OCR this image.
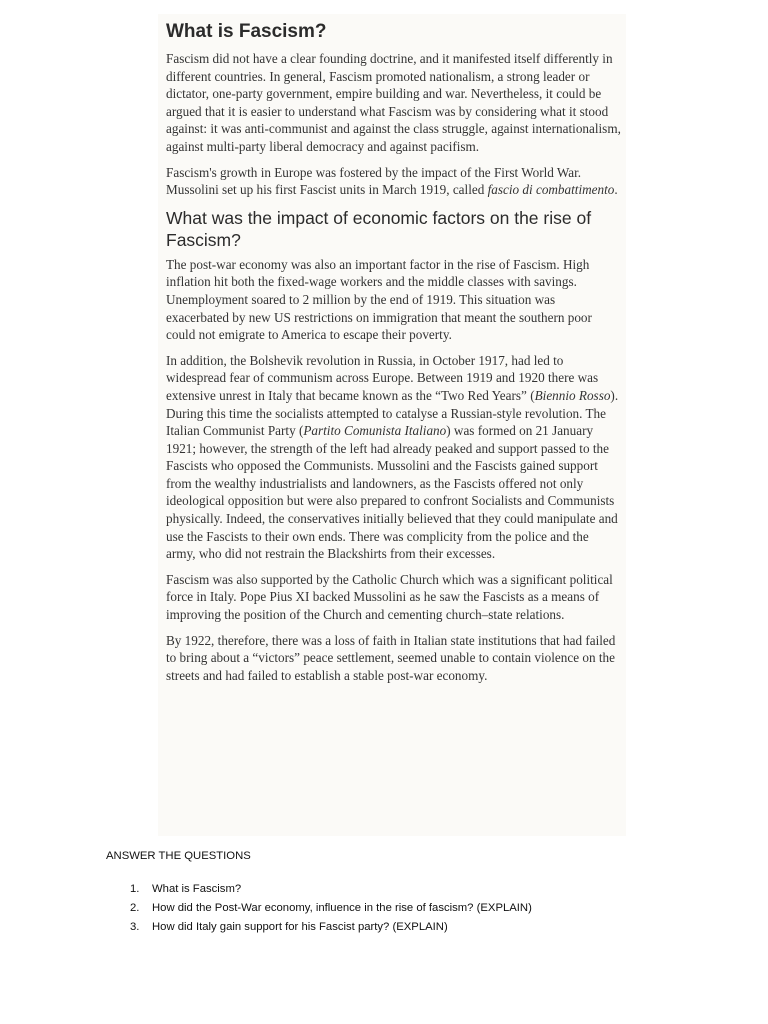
What is Fascism?

Fascism did not have a clear founding doctrine, and it manifested itself differently in different countries. In general, Fascism promoted nationalism, a strong leader or dictator, one-party government, empire building and war. Nevertheless, it could be argued that it is easier to understand what Fascism was by considering what it stood against: it was anti-communist and against the class struggle, against internationalism, against multi-party liberal democracy and against pacifism.

Fascism's growth in Europe was fostered by the impact of the First World War. Mussolini set up his first Fascist units in March 1919, called fascio di combattimento.

What was the impact of economic factors on the rise of Fascism?

The post-war economy was also an important factor in the rise of Fascism. High inflation hit both the fixed-wage workers and the middle classes with savings. Unemployment soared to 2 million by the end of 1919. This situation was exacerbated by new US restrictions on immigration that meant the southern poor could not emigrate to America to escape their poverty.

In addition, the Bolshevik revolution in Russia, in October 1917, had led to widespread fear of communism across Europe. Between 1919 and 1920 there was extensive unrest in Italy that became known as the “Two Red Years” (Biennio Rosso). During this time the socialists attempted to catalyse a Russian-style revolution. The Italian Communist Party (Partito Comunista Italiano) was formed on 21 January 1921; however, the strength of the left had already peaked and support passed to the Fascists who opposed the Communists. Mussolini and the Fascists gained support from the wealthy industrialists and landowners, as the Fascists offered not only ideological opposition but were also prepared to confront Socialists and Communists physically. Indeed, the conservatives initially believed that they could manipulate and use the Fascists to their own ends. There was complicity from the police and the army, who did not restrain the Blackshirts from their excesses.

Fascism was also supported by the Catholic Church which was a significant political force in Italy. Pope Pius XI backed Mussolini as he saw the Fascists as a means of improving the position of the Church and cementing church–state relations.

By 1922, therefore, there was a loss of faith in Italian state institutions that had failed to bring about a “victors” peace settlement, seemed unable to contain violence on the streets and had failed to establish a stable post-war economy.

ANSWER THE QUESTIONS
1.	What is Fascism?
2.	How did the Post-War economy, influence in the rise of fascism? (EXPLAIN)
3.	How did Italy gain support for his Fascist party? (EXPLAIN)
